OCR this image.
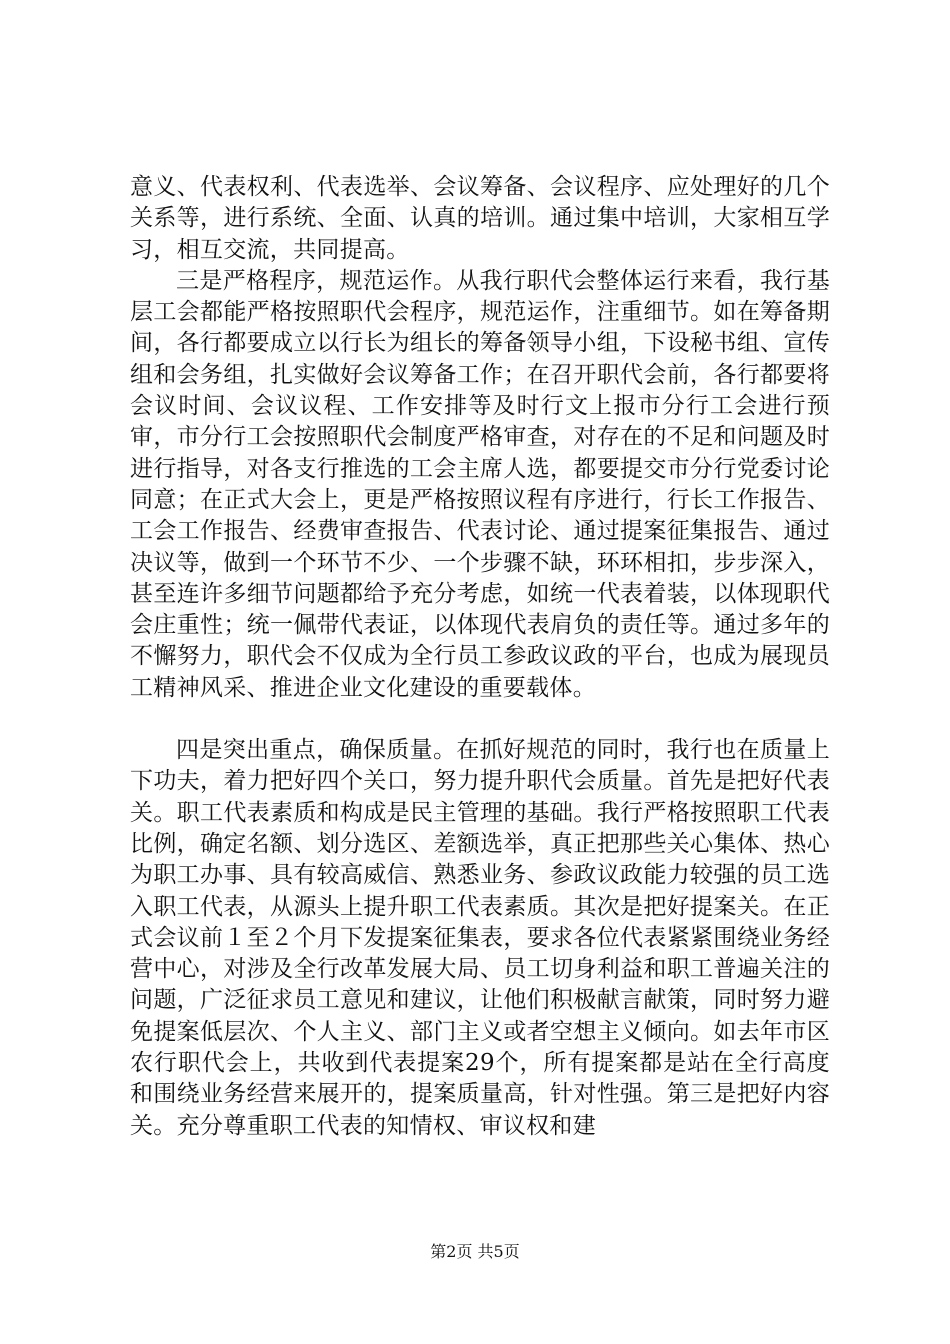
意义、代表权利、代表选举、会议筹备、会议程序、应处理好的几个关系等，进行系统、全面、认真的培训。通过集中培训，大家相互学习，相互交流，共同提高。

三是严格程序，规范运作。从我行职代会整体运行来看，我行基层工会都能严格按照职代会程序，规范运作，注重细节。如在筹备期间，各行都要成立以行长为组长的筹备领导小组，下设秘书组、宣传组和会务组，扎实做好会议筹备工作；在召开职代会前，各行都要将会议时间、会议议程、工作安排等及时行文上报市分行工会进行预审，市分行工会按照职代会制度严格审查，对存在的不足和问题及时进行指导，对各支行推选的工会主席人选，都要提交市分行党委讨论同意；在正式大会上，更是严格按照议程有序进行，行长工作报告、工会工作报告、经费审查报告、代表讨论、通过提案征集报告、通过决议等，做到一个环节不少、一个步骤不缺，环环相扣，步步深入，甚至连许多细节问题都给予充分考虑，如统一代表着装，以体现职代会庄重性；统一佩带代表证，以体现代表肩负的责任等。通过多年的不懈努力，职代会不仅成为全行员工参政议政的平台，也成为展现员工精神风采、推进企业文化建设的重要载体。

四是突出重点，确保质量。在抓好规范的同时，我行也在质量上下功夫，着力把好四个关口，努力提升职代会质量。首先是把好代表关。职工代表素质和构成是民主管理的基础。我行严格按照职工代表比例，确定名额、划分选区、差额选举，真正把那些关心集体、热心为职工办事、具有较高威信、熟悉业务、参政议政能力较强的员工选入职工代表，从源头上提升职工代表素质。其次是把好提案关。在正式会议前１至２个月下发提案征集表，要求各位代表紧紧围绕业务经营中心，对涉及全行改革发展大局、员工切身利益和职工普遍关注的问题，广泛征求员工意见和建议，让他们积极献言献策，同时努力避免提案低层次、个人主义、部门主义或者空想主义倾向。如去年市区农行职代会上，共收到代表提案29个，所有提案都是站在全行高度和围绕业务经营来展开的，提案质量高，针对性强。第三是把好内容关。充分尊重职工代表的知情权、审议权和建

第2页 共5页
